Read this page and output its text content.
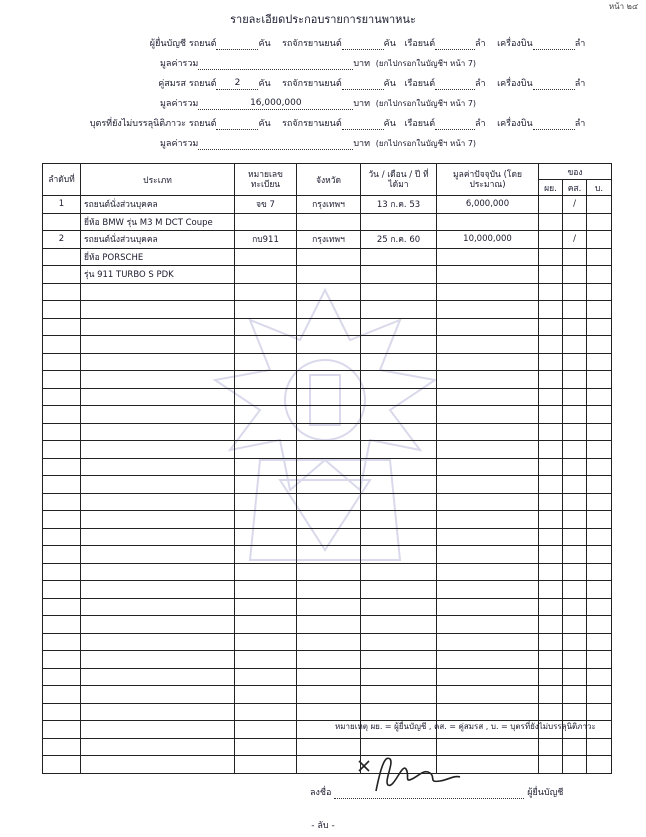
หน้า ๒๔
รายละเอียดประกอบรายการยานพาหนะ
ผู้ยื่นบัญชี รถยนต์	คัน รถจักรยานยนต์	คัน เรือยนต์	ลำ เครื่องบิน	ลำ
มูลค่ารวม	บาท (ยกไปกรอกในบัญชีฯ หน้า 7)
คู่สมรส รถยนต์ 2 คัน รถจักรยานยนต์	คัน เรือยนต์	ลำ เครื่องบิน	ลำ
มูลค่ารวม	16,000,000	บาท (ยกไปกรอกในบัญชีฯ หน้า 7)
บุตรที่ยังไม่บรรลุนิติภาวะ รถยนต์	คัน รถจักรยานยนต์	คัน เรือยนต์	ลำ เครื่องบิน	ลำ
มูลค่ารวม	บาท (ยกไปกรอกในบัญชีฯ หน้า 7)
ลำดับที่	ประเภท	หมายเลขทะเบียน	จังหวัด	วัน / เดือน / ปี ที่ได้มา	มูลค่าปัจจุบัน (โดยประมาณ)	ของ		
						ผย.	คส.	บ.
1	รถยนต์นั่งส่วนบุคคล	จข 7	กรุงเทพฯ	13 ก.ค. 53	6,000,000		/	
	ยี่ห้อ BMW รุ่น M3 M DCT Coupe							
2	รถยนต์นั่งส่วนบุคคล	กบ911	กรุงเทพฯ	25 ก.ค. 60	10,000,000		/	
	ยี่ห้อ PORSCHE							
	รุ่น 911 TURBO S PDK							

หมายเหตุ ผย. = ผู้ยื่นบัญชี , คส. = คู่สมรส , บ. = บุตรที่ยังไม่บรรลุนิติภาวะ
ลงชื่อ	ผู้ยื่นบัญชี
- ลับ -
